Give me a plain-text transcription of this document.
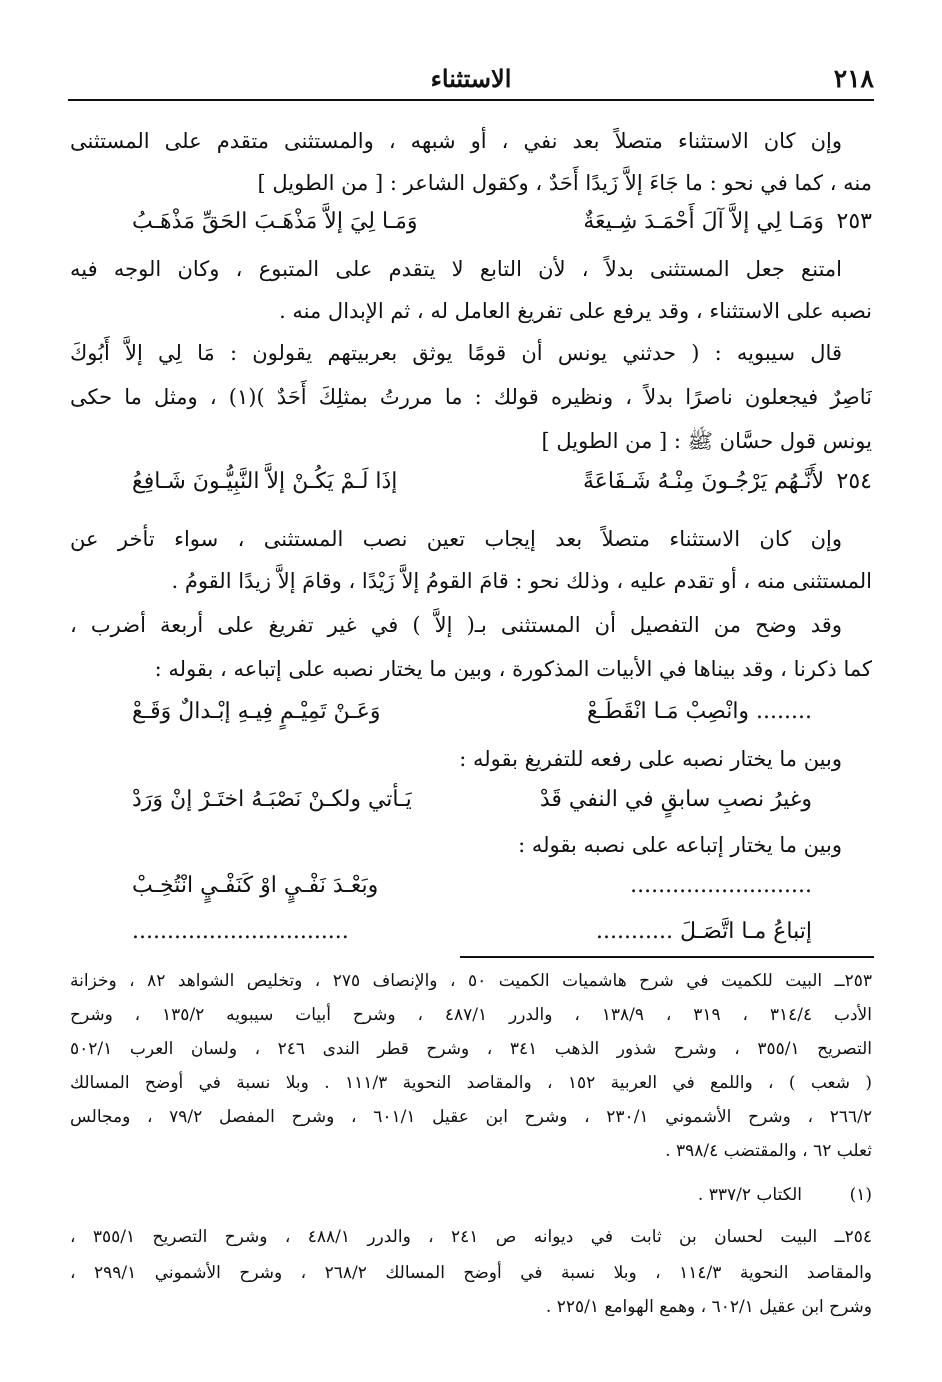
٢١٨
الاستثناء
وإن كان الاستثناء متصلاً بعد نفي ، أو شبهه ، والمستثنى متقدم على المستثنى
منه ، كما في نحو : ما جَاءَ إلاَّ زَيدًا أَحَدٌ ، وكقول الشاعر : [ من الطويل ]
٢٥٣
وَمَـا لِي إلاَّ آلَ أَحْمَـدَ شِـيعَةٌ
وَمَـا لِيَ إلاَّ مَذْهَـبَ الحَقِّ مَذْهَـبُ
امتنع جعل المستثنى بدلاً ، لأن التابع لا يتقدم على المتبوع ، وكان الوجه فيه
نصبه على الاستثناء ، وقد يرفع على تفريغ العامل له ، ثم الإبدال منه .
قال سيبويه : ( حدثني يونس أن قومًا يوثق بعربيتهم يقولون : مَا لِي إلاَّ أَبُوكَ
نَاصِرٌ فيجعلون ناصرًا بدلاً ، ونظيره قولك : ما مررتُ بمثلِكَ أَحَدٌ )(١) ، ومثل ما حكى
يونس قول حسَّان ﷺ : [ من الطويل ]
٢٥٤
لأَنَّـهُم يَرْجُـونَ مِنْـهُ شَـفَاعَةً
إذَا لَـمْ يَكُـنْ إلاَّ النَّبِيُّـونَ شَـافِعُ
وإن كان الاستثناء متصلاً بعد إيجاب تعين نصب المستثنى ، سواء تأخر عن
المستثنى منه ، أو تقدم عليه ، وذلك نحو : قامَ القومُ إلاَّ زَيْدًا ، وقامَ إلاَّ زيدًا القومُ .
وقد وضح من التفصيل أن المستثنى بـ( إلاَّ ) في غير تفريغ على أربعة أضرب ،
كما ذكرنا ، وقد بيناها في الأبيات المذكورة ، وبين ما يختار نصبه على إتباعه ، بقوله :
........ وانْصِبْ مَـا انْقَطَـعْ
وَعَـنْ تَمِيْـمٍ فِيـهِ إبْـدالٌ وَقَـعْ
وبين ما يختار نصبه على رفعه للتفريغ بقوله :
وغيرُ نصبِ سابقٍ في النفي قَدْ
يَـأتي ولكـنْ نَصْبَـهُ اختَـرْ إنْ وَرَدْ
وبين ما يختار إتباعه على نصبه بقوله :
..........................
وبَعْـدَ نَفْـيٍ اوْ كَنَفْـيٍ انْتُخِـبْ
إتباعُ مـا اتَّصَـلَ ...........
...............................
٢٥٣ــ البيت للكميت في شرح هاشميات الكميت ٥٠ ، والإنصاف ٢٧٥ ، وتخليص الشواهد ٨٢ ، وخزانة
الأدب ٣١٤/٤ ، ٣١٩ ، ١٣٨/٩ ، والدرر ٤٨٧/١ ، وشرح أبيات سيبويه ١٣٥/٢ ، وشرح
التصريح ٣٥٥/١ ، وشرح شذور الذهب ٣٤١ ، وشرح قطر الندى ٢٤٦ ، ولسان العرب ٥٠٢/١
( شعب ) ، واللمع في العربية ١٥٢ ، والمقاصد النحوية ١١١/٣ . وبلا نسبة في أوضح المسالك
٢٦٦/٢ ، وشرح الأشموني ٢٣٠/١ ، وشرح ابن عقيل ٦٠١/١ ، وشرح المفصل ٧٩/٢ ، ومجالس
ثعلب ٦٢ ، والمقتضب ٣٩٨/٤ .
(١)الكتاب ٣٣٧/٢ .
٢٥٤ــ البيت لحسان بن ثابت في ديوانه ص ٢٤١ ، والدرر ٤٨٨/١ ، وشرح التصريح ٣٥٥/١ ،
والمقاصد النحوية ١١٤/٣ ، وبلا نسبة في أوضح المسالك ٢٦٨/٢ ، وشرح الأشموني ٢٩٩/١ ،
وشرح ابن عقيل ٦٠٢/١ ، وهمع الهوامع ٢٢٥/١ .
